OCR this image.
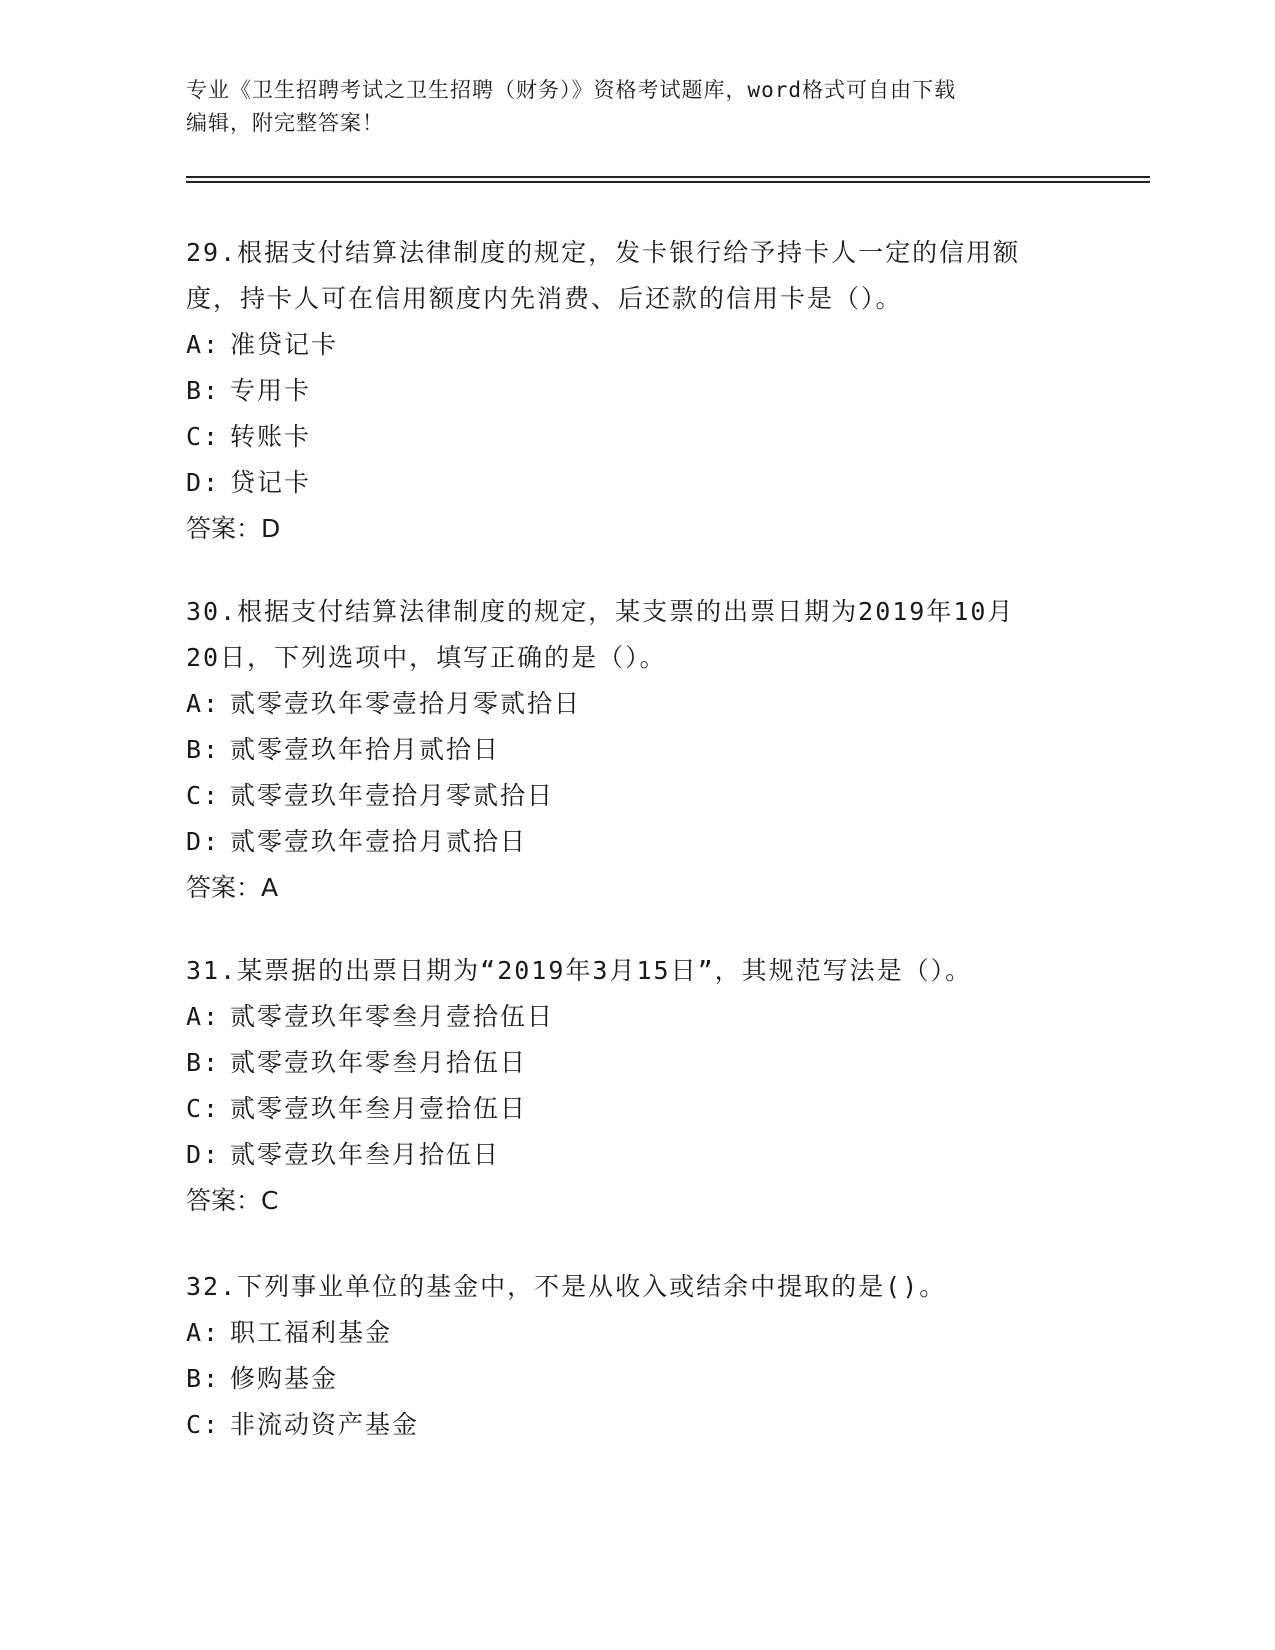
专业《卫生招聘考试之卫生招聘（财务）》资格考试题库，word格式可自由下载
编辑，附完整答案！
29.根据支付结算法律制度的规定，发卡银行给予持卡人一定的信用额
度，持卡人可在信用额度内先消费、后还款的信用卡是（）。
A: 准贷记卡
B: 专用卡
C: 转账卡
D: 贷记卡
答案：D
30.根据支付结算法律制度的规定，某支票的出票日期为2019年10月
20日，下列选项中，填写正确的是（）。
A: 贰零壹玖年零壹拾月零贰拾日
B: 贰零壹玖年拾月贰拾日
C: 贰零壹玖年壹拾月零贰拾日
D: 贰零壹玖年壹拾月贰拾日
答案：A
31.某票据的出票日期为“2019年3月15日”，其规范写法是（）。
A: 贰零壹玖年零叁月壹拾伍日
B: 贰零壹玖年零叁月拾伍日
C: 贰零壹玖年叁月壹拾伍日
D: 贰零壹玖年叁月拾伍日
答案：C
32.下列事业单位的基金中，不是从收入或结余中提取的是()。
A: 职工福利基金
B: 修购基金
C: 非流动资产基金
